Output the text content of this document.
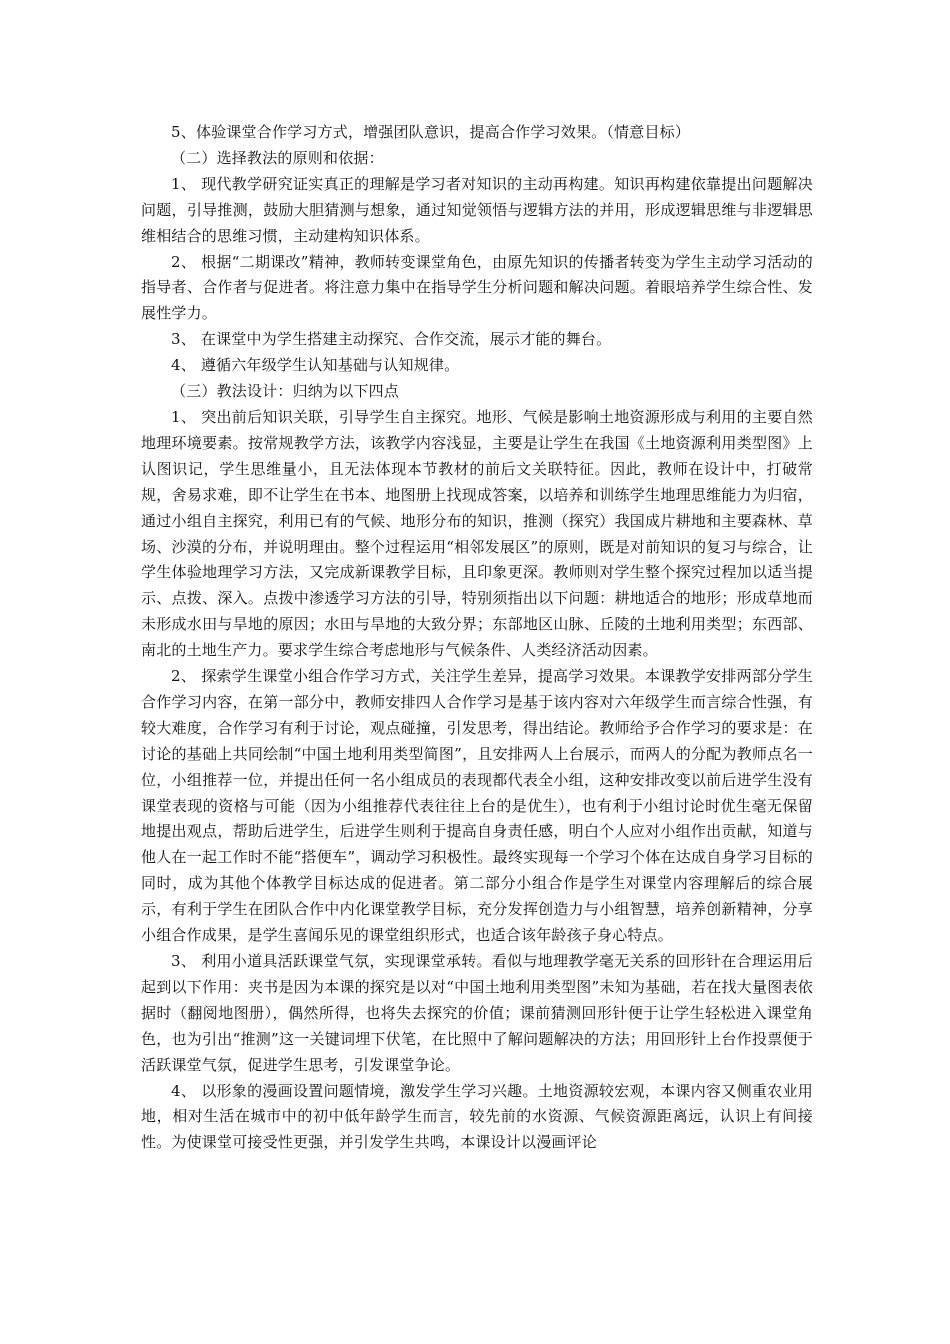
5、体验课堂合作学习方式，增强团队意识，提高合作学习效果。（情意目标）

（二）选择教法的原则和依据：

1、 现代教学研究证实真正的理解是学习者对知识的主动再构建。知识再构建依靠提出问题解决问题，引导推测，鼓励大胆猜测与想象，通过知觉领悟与逻辑方法的并用，形成逻辑思维与非逻辑思维相结合的思维习惯，主动建构知识体系。

2、 根据“二期课改”精神，教师转变课堂角色，由原先知识的传播者转变为学生主动学习活动的指导者、合作者与促进者。将注意力集中在指导学生分析问题和解决问题。着眼培养学生综合性、发展性学力。

3、 在课堂中为学生搭建主动探究、合作交流，展示才能的舞台。

4、 遵循六年级学生认知基础与认知规律。

（三）教法设计：归纳为以下四点

1、 突出前后知识关联，引导学生自主探究。地形、气候是影响土地资源形成与利用的主要自然地理环境要素。按常规教学方法，该教学内容浅显，主要是让学生在我国《土地资源利用类型图》上认图识记，学生思维量小，且无法体现本节教材的前后文关联特征。因此，教师在设计中，打破常规，舍易求难，即不让学生在书本、地图册上找现成答案，以培养和训练学生地理思维能力为归宿，通过小组自主探究，利用已有的气候、地形分布的知识，推测（探究）我国成片耕地和主要森林、草场、沙漠的分布，并说明理由。整个过程运用“相邻发展区”的原则，既是对前知识的复习与综合，让学生体验地理学习方法，又完成新课教学目标，且印象更深。教师则对学生整个探究过程加以适当提示、点拨、深入。点拨中渗透学习方法的引导，特别须指出以下问题：耕地适合的地形；形成草地而未形成水田与旱地的原因；水田与旱地的大致分界；东部地区山脉、丘陵的土地利用类型；东西部、南北的土地生产力。要求学生综合考虑地形与气候条件、人类经济活动因素。

2、 探索学生课堂小组合作学习方式，关注学生差异，提高学习效果。本课教学安排两部分学生合作学习内容，在第一部分中，教师安排四人合作学习是基于该内容对六年级学生而言综合性强，有较大难度，合作学习有利于讨论，观点碰撞，引发思考，得出结论。教师给予合作学习的要求是：在讨论的基础上共同绘制“中国土地利用类型简图”，且安排两人上台展示，而两人的分配为教师点名一位，小组推荐一位，并提出任何一名小组成员的表现都代表全小组，这种安排改变以前后进学生没有课堂表现的资格与可能（因为小组推荐代表往往上台的是优生），也有利于小组讨论时优生毫无保留地提出观点，帮助后进学生，后进学生则利于提高自身责任感，明白个人应对小组作出贡献，知道与他人在一起工作时不能“搭便车”，调动学习积极性。最终实现每一个学习个体在达成自身学习目标的同时，成为其他个体教学目标达成的促进者。第二部分小组合作是学生对课堂内容理解后的综合展示，有利于学生在团队合作中内化课堂教学目标，充分发挥创造力与小组智慧，培养创新精神，分享小组合作成果，是学生喜闻乐见的课堂组织形式，也适合该年龄孩子身心特点。

3、 利用小道具活跃课堂气氛，实现课堂承转。看似与地理教学毫无关系的回形针在合理运用后起到以下作用：夹书是因为本课的探究是以对“中国土地利用类型图”未知为基础，若在找大量图表依据时（翻阅地图册），偶然所得，也将失去探究的价值；课前猜测回形针便于让学生轻松进入课堂角色，也为引出“推测”这一关键词埋下伏笔，在比照中了解问题解决的方法；用回形针上台作投票便于活跃课堂气氛，促进学生思考，引发课堂争论。

4、 以形象的漫画设置问题情境，激发学生学习兴趣。土地资源较宏观，本课内容又侧重农业用地，相对生活在城市中的初中低年龄学生而言，较先前的水资源、气候资源距离远，认识上有间接性。为使课堂可接受性更强，并引发学生共鸣，本课设计以漫画评论
